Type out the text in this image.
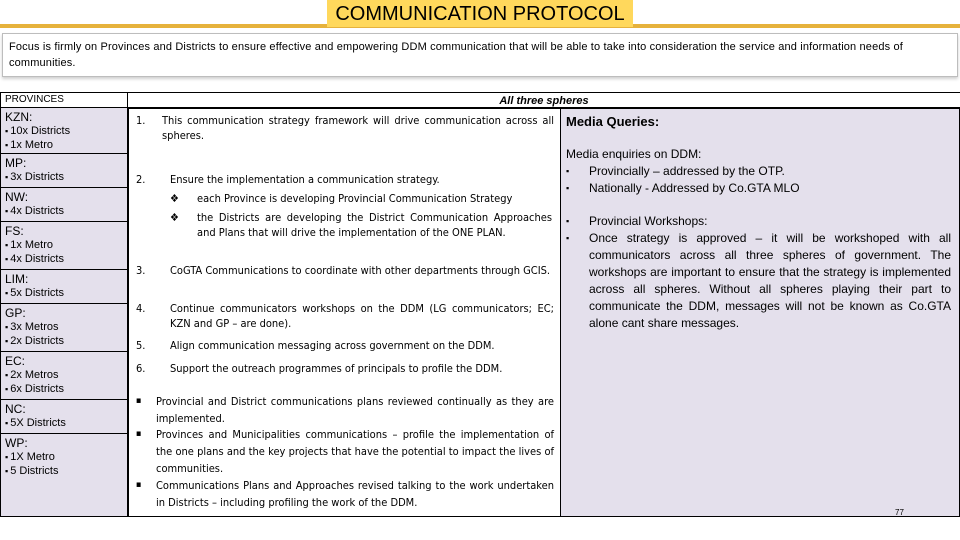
COMMUNICATION PROTOCOL
Focus is firmly on Provinces and Districts to ensure effective and empowering DDM communication that will be able to take into consideration the service and information needs of communities.
PROVINCES
KZN:
▪ 10x Districts
▪ 1x Metro
MP:
▪ 3x Districts
NW:
▪ 4x Districts
FS:
▪ 1x Metro
▪ 4x Districts
LIM:
▪ 5x Districts
GP:
▪ 3x Metros
▪ 2x Districts
EC:
▪ 2x Metros
▪ 6x Districts
NC:
▪ 5X Districts
WP:
▪ 1X Metro
▪ 5 Districts
All three spheres
1. This communication strategy framework will drive communication across all spheres.
2. Ensure the implementation a communication strategy.
❖ each Province is developing Provincial Communication Strategy
❖ the Districts are developing the District Communication Approaches and Plans that will drive the implementation of the ONE PLAN.
3. CoGTA Communications to coordinate with other departments through GCIS.
4. Continue communicators workshops on the DDM (LG communicators; EC; KZN and GP – are done).
5. Align communication messaging across government on the DDM.
6. Support the outreach programmes of principals to profile the DDM.
▪ Provincial and District communications plans reviewed continually as they are implemented.
▪ Provinces and Municipalities communications – profile the implementation of the one plans and the key projects that have the potential to impact the lives of communities.
▪ Communications Plans and Approaches revised talking to the work undertaken in Districts – including profiling the work of the DDM.
Media Queries:
Media enquiries on DDM:
▪ Provincially – addressed by the OTP.
▪ Nationally - Addressed by Co.GTA MLO
▪ Provincial Workshops:
▪ Once strategy is approved – it will be workshoped with all communicators across all three spheres of government. The workshops are important to ensure that the strategy is implemented across all spheres. Without all spheres playing their part to communicate the DDM, messages will not be known as Co.GTA alone cant share messages.
77
